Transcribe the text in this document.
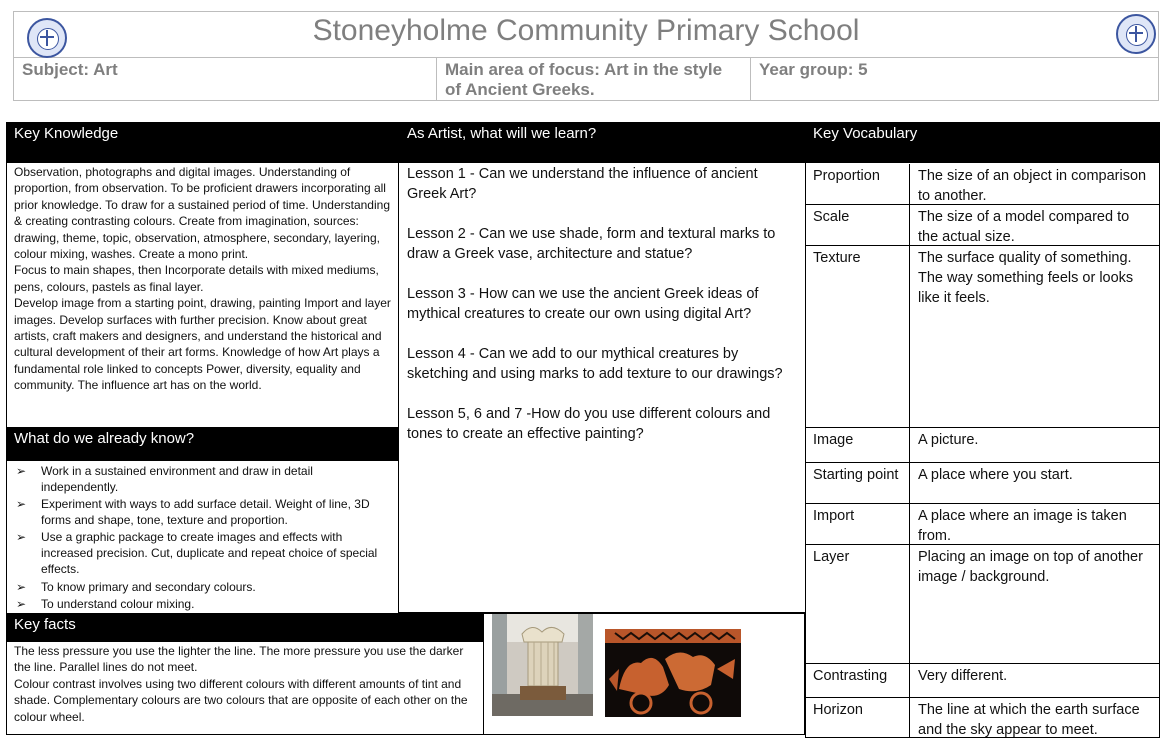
Stoneyholme Community Primary School
Subject: Art	Main area of focus: Art in the style of Ancient Greeks.
Year group: 5
Key Knowledge
Observation, photographs and digital images. Understanding of proportion, from observation. To be proficient drawers incorporating all prior knowledge. To draw for a sustained period of time. Understanding & creating contrasting colours. Create from imagination, sources: drawing, theme, topic, observation, atmosphere, secondary, layering, colour mixing, washes. Create a mono print.
Focus to main shapes, then Incorporate details with mixed mediums, pens, colours, pastels as final layer.
Develop image from a starting point, drawing, painting Import and layer images. Develop surfaces with further precision. Know about great artists, craft makers and designers, and understand the historical and cultural development of their art forms. Knowledge of how Art plays a fundamental role linked to concepts Power, diversity, equality and community. The influence art has on the world.
What do we already know?
➢ Work in a sustained environment and draw in detail independently.
➢ Experiment with ways to add surface detail. Weight of line, 3D forms and shape, tone, texture and proportion.
➢ Use a graphic package to create images and effects with increased precision. Cut, duplicate and repeat choice of special effects.
➢ To know primary and secondary colours.
➢ To understand colour mixing.
Key facts
The less pressure you use the lighter the line. The more pressure you use the darker the line. Parallel lines do not meet.
Colour contrast involves using two different colours with different amounts of tint and shade. Complementary colours are two colours that are opposite of each other on the colour wheel.
As Artist, what will we learn?
Lesson 1 - Can we understand the influence of ancient Greek Art?
Lesson 2 - Can we use shade, form and textural marks to draw a Greek vase, architecture and statue?
Lesson 3 - How can we use the ancient Greek ideas of mythical creatures to create our own using digital Art?
Lesson 4 - Can we add to our mythical creatures by sketching and using marks to add texture to our drawings?
Lesson 5, 6 and 7 -How do you use different colours and tones to create an effective painting?
Key Vocabulary
Proportion	The size of an object in comparison to another.
Scale	The size of a model compared to the actual size.
Texture	The surface quality of something. The way something feels or looks like it feels.
Image	A picture.
Starting point	A place where you start.
Import	A place where an image is taken from.
Layer	Placing an image on top of another image / background.
Contrasting	Very different.
Horizon	The line at which the earth surface and the sky appear to meet.
